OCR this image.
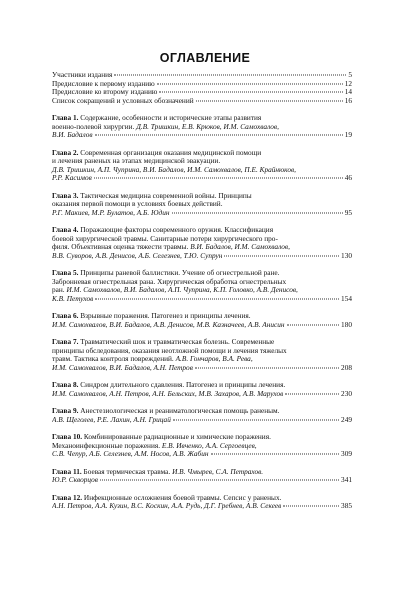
ОГЛАВЛЕНИЕ
Участники издания	5
Предисловие к первому изданию	12
Предисловие ко второму изданию	14
Список сокращений и условных обозначений	16
Глава 1. Содержание, особенности и исторические этапы развития
военно-полевой хирургии. Д.В. Тришкин, Е.В. Крюков, И.М. Самохвалов,
В.И. Бадалов	19
Глава 2. Современная организация оказания медицинской помощи
и лечения раненых на этапах медицинской эвакуации.
Д.В. Тришкин, А.П. Чуприна, В.И. Бадалов, И.М. Самохвалов, П.Е. Крайнюков,
Р.Р. Касимов	46
Глава 3. Тактическая медицина современной войны. Принципы
оказания первой помощи в условиях боевых действий.
Р.Г. Макиев, М.Р. Булатов, А.Б. Юдин	95
Глава 4. Поражающие факторы современного оружия. Классификация
боевой хирургической травмы. Санитарные потери хирургического про-
филя. Объективная оценка тяжести травмы. В.И. Бадалов, И.М. Самохвалов,
В.В. Суворов, А.В. Денисов, А.Б. Селезнев, Т.Ю. Супрун	130
Глава 5. Принципы раневой баллистики. Учение об огнестрельной ране.
Забронневая огнестрельная рана. Хирургическая обработка огнестрельных
ран. И.М. Самохвалов, В.И. Бадалов, А.П. Чуприна, К.П. Головко, А.В. Денисов,
К.В. Петухов	154
Глава 6. Взрывные поражения. Патогенез и принципы лечения.
И.М. Самохвалов, В.И. Бадалов, А.В. Денисов, М.В. Казначеев, А.В. Анисин	180
Глава 7. Травматический шок и травматическая болезнь. Современные
принципы обследования, оказания неотложной помощи и лечения тяжелых
травм. Тактика контроля повреждений. А.В. Гончаров, В.А. Рева,
И.М. Самохвалов, В.И. Бадалов, А.Н. Петров	208
Глава 8. Синдром длительного сдавления. Патогенез и принципы лечения.
И.М. Самохвалов, А.Н. Петров, А.Н. Бельских, М.В. Захаров, А.В. Марухов	230
Глава 9. Анестезиологическая и реаниматологическая помощь раненым.
А.В. Щеголев, Р.Е. Лахин, А.Н. Грицай	249
Глава 10. Комбинированные радиационные и химические поражения.
Механоинфекционные поражения. Е.В. Ивченко, А.А. Сергоевцев,
С.В. Чепур, А.Б. Селезнев, А.М. Носов, А.В. Жабин	309
Глава 11. Боевая термическая травма. И.В. Чмырев, С.А. Петрахов.
Ю.Р. Скворцов	341
Глава 12. Инфекционные осложнения боевой травмы. Сепсис у раненых.
А.Н. Петров, А.А. Кузин, В.С. Коскин, А.А. Рудь, Д.Г. Гребнев, А.В. Секеев	385
